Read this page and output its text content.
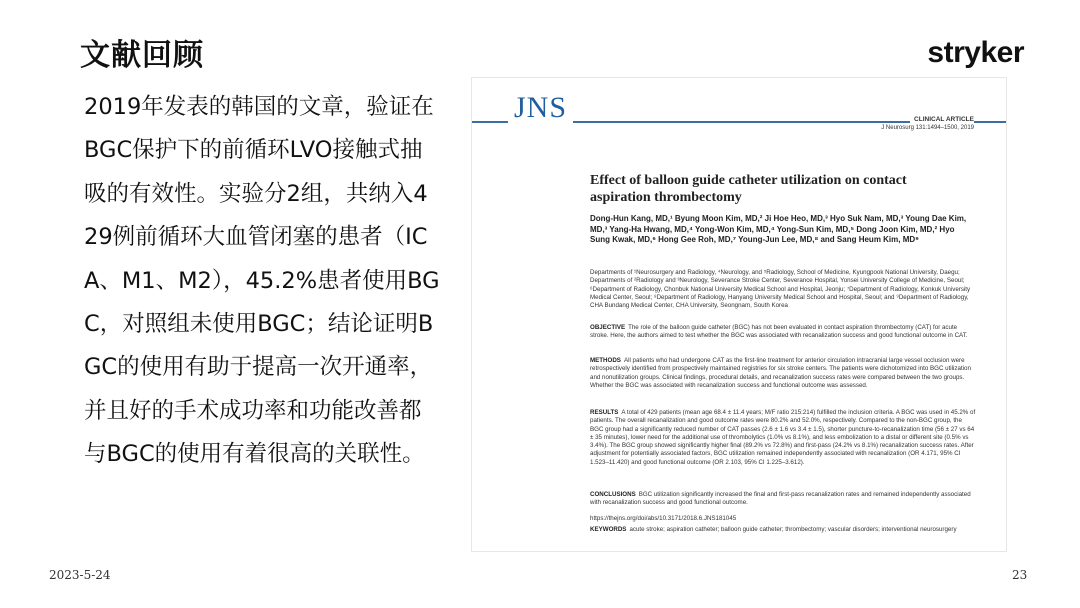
文献回顾	stryker

2019年发表的韩国的文章，验证在BGC保护下的前循环LVO接触式抽吸的有效性。实验分2组，共纳入429例前循环大血管闭塞的患者（ICA、M1、M2），45.2%患者使用BGC，对照组未使用BGC；结论证明BGC的使用有助于提高一次开通率，并且好的手术成功率和功能改善都与BGC的使用有着很高的关联性。

JNS	CLINICAL ARTICLE
J Neurosurg 131:1494–1500, 2019
Effect of balloon guide catheter utilization on contact aspiration thrombectomy

Dong-Hun Kang, MD,¹ Byung Moon Kim, MD,² Ji Hoe Heo, MD,³ Hyo Suk Nam, MD,³ Young Dae Kim, MD,³ Yang-Ha Hwang, MD,⁴ Yong-Won Kim, MD,⁴ Yong-Sun Kim, MD,⁵ Dong Joon Kim, MD,² Hyo Sung Kwak, MD,⁶ Hong Gee Roh, MD,⁷ Young-Jun Lee, MD,⁸ and Sang Heum Kim, MD⁹

Departments of ¹Neurosurgery and Radiology, ⁴Neurology, and ⁵Radiology, School of Medicine, Kyungpook National University, Daegu; Departments of ²Radiology and ³Neurology, Severance Stroke Center, Severance Hospital, Yonsei University College of Medicine, Seoul; ⁶Department of Radiology, Chonbuk National University Medical School and Hospital, Jeonju; ⁷Department of Radiology, Konkuk University Medical Center, Seoul; ⁸Department of Radiology, Hanyang University Medical School and Hospital, Seoul; and ⁹Department of Radiology, CHA Bundang Medical Center, CHA University, Seongnam, South Korea

OBJECTIVE The role of the balloon guide catheter (BGC) has not been evaluated in contact aspiration thrombectomy (CAT) for acute stroke. Here, the authors aimed to test whether the BGC was associated with recanalization success and good functional outcome in CAT.

METHODS All patients who had undergone CAT as the first-line treatment for anterior circulation intracranial large vessel occlusion were retrospectively identified from prospectively maintained registries for six stroke centers. The patients were dichotomized into BGC utilization and nonutilization groups. Clinical findings, procedural details, and recanalization success rates were compared between the two groups. Whether the BGC was associated with recanalization success and functional outcome was assessed.

RESULTS A total of 429 patients (mean age 68.4 ± 11.4 years; M/F ratio 215:214) fulfilled the inclusion criteria. A BGC was used in 45.2% of patients. The overall recanalization and good outcome rates were 80.2% and 52.0%, respectively. Compared to the non-BGC group, the BGC group had a significantly reduced number of CAT passes (2.6 ± 1.6 vs 3.4 ± 1.5), shorter puncture-to-recanalization time (56 ± 27 vs 64 ± 35 minutes), lower need for the additional use of thrombolytics (1.0% vs 8.1%), and less embolization to a distal or different site (0.5% vs 3.4%). The BGC group showed significantly higher final (89.2% vs 72.8%) and first-pass (24.2% vs 8.1%) recanalization success rates. After adjustment for potentially associated factors, BGC utilization remained independently associated with recanalization (OR 4.171, 95% CI 1.523–11.420) and good functional outcome (OR 2.103, 95% CI 1.225–3.612).

CONCLUSIONS BGC utilization significantly increased the final and first-pass recanalization rates and remained independently associated with recanalization success and good functional outcome.

https://thejns.org/doi/abs/10.3171/2018.6.JNS181045

KEYWORDS acute stroke; aspiration catheter; balloon guide catheter; thrombectomy; vascular disorders; interventional neurosurgery

2023-5-24	23
